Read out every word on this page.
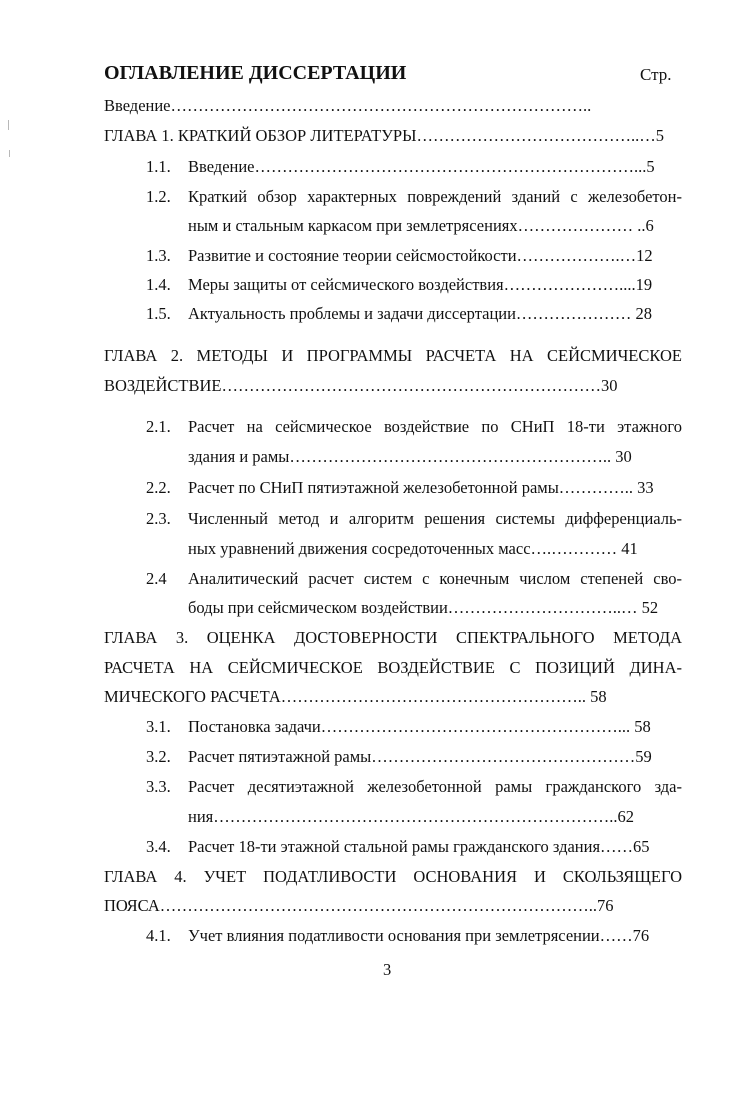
ОГЛАВЛЕНИЕ ДИССЕРТАЦИИ	Стр.
Введение…………………………………………………………………..
ГЛАВА 1. КРАТКИЙ ОБЗОР ЛИТЕРАТУРЫ…………………………………..…5
1.1. Введение……………………………………………………………...5
1.2. Краткий обзор характерных повреждений зданий с железобетон-
ным и стальным каркасом при землетрясениях………………… ..6
1.3. Развитие и состояние теории сейсмостойкости……………….…12
1.4. Меры защиты от сейсмического воздействия…………………....19
1.5. Актуальность проблемы и задачи диссертации………………… 28
ГЛАВА 2. МЕТОДЫ И ПРОГРАММЫ РАСЧЕТА НА СЕЙСМИЧЕСКОЕ
ВОЗДЕЙСТВИЕ……………………………………………………………30
2.1. Расчет на сейсмическое воздействие по СНиП 18-ти этажного
здания и рамы………………………………………………….. 30
2.2. Расчет по СНиП пятиэтажной железобетонной рамы………….. 33
2.3. Численный метод и алгоритм решения системы дифференциаль-
ных уравнений движения сосредоточенных масс….………… 41
2.4 Аналитический расчет систем с конечным числом степеней сво-
боды при сейсмическом воздействии…………………………..… 52
ГЛАВА 3. ОЦЕНКА ДОСТОВЕРНОСТИ СПЕКТРАЛЬНОГО МЕТОДА
РАСЧЕТА НА СЕЙСМИЧЕСКОЕ ВОЗДЕЙСТВИЕ С ПОЗИЦИЙ ДИНА-
МИЧЕСКОГО РАСЧЕТА……………………………………………….. 58
3.1. Постановка задачи………………………………………………... 58
3.2. Расчет пятиэтажной рамы…………………………………………59
3.3. Расчет десятиэтажной железобетонной рамы гражданского зда-
ния………………………………………………………………..62
3.4. Расчет 18-ти этажной стальной рамы гражданского здания……65
ГЛАВА 4. УЧЕТ ПОДАТЛИВОСТИ ОСНОВАНИЯ И СКОЛЬЗЯЩЕГО
ПОЯСА……………………………………………………………………..76
4.1. Учет влияния податливости основания при землетрясении……76
3
